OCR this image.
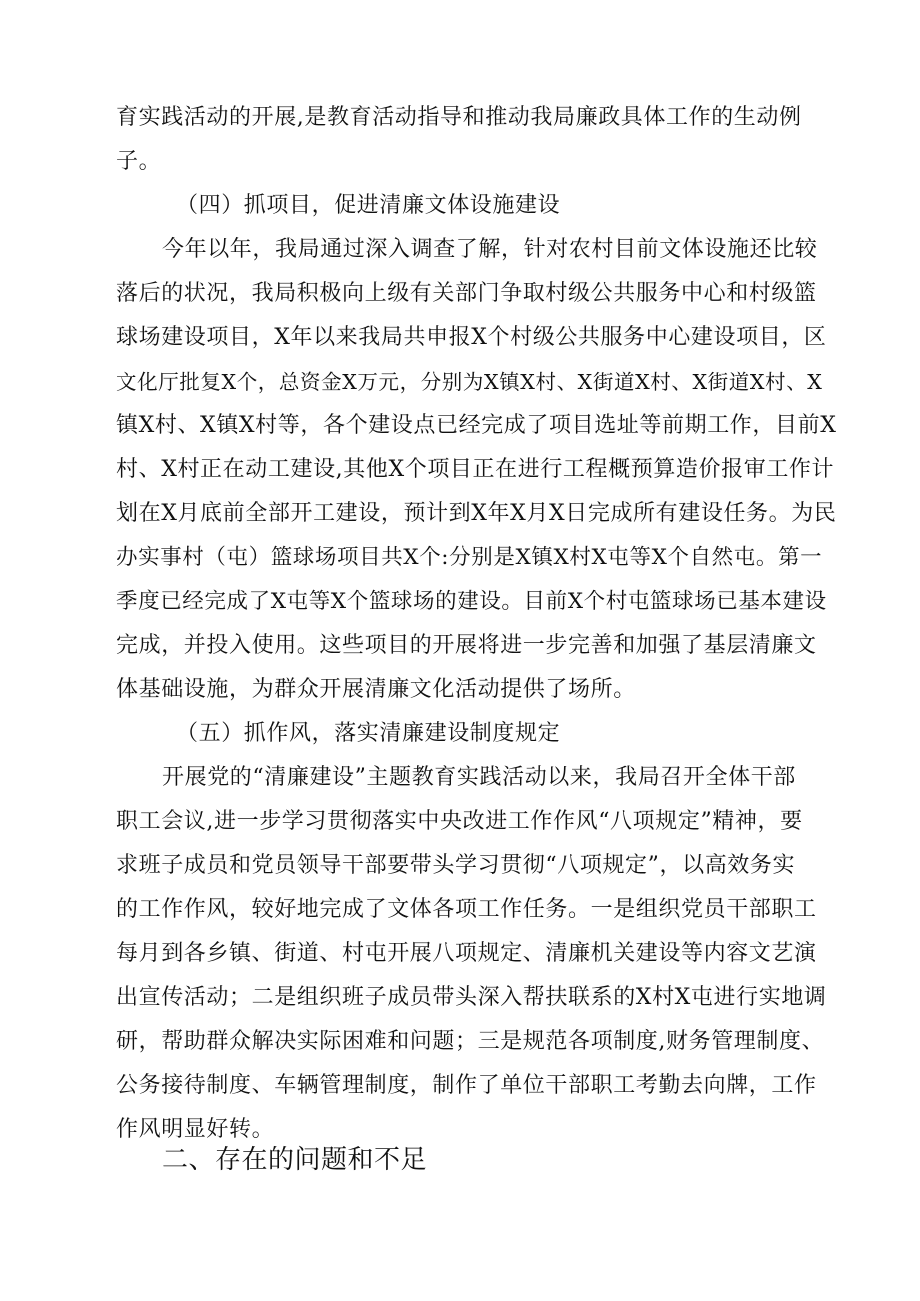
育实践活动的开展,是教育活动指导和推动我局廉政具体工作的生动例
子。
（四）抓项目，促进清廉文体设施建设
今年以年，我局通过深入调查了解，针对农村目前文体设施还比较
落后的状况，我局积极向上级有关部门争取村级公共服务中心和村级篮
球场建设项目，X年以来我局共申报X个村级公共服务中心建设项目，区
文化厅批复X个，总资金X万元，分别为X镇X村、X街道X村、X街道X村、X
镇X村、X镇X村等，各个建设点已经完成了项目选址等前期工作，目前X
村、X村正在动工建设,其他X个项目正在进行工程概预算造价报审工作计
划在X月底前全部开工建设，预计到X年X月X日完成所有建设任务。为民
办实事村（屯）篮球场项目共X个:分别是X镇X村X屯等X个自然屯。第一
季度已经完成了X屯等X个篮球场的建设。目前X个村屯篮球场已基本建设
完成，并投入使用。这些项目的开展将进一步完善和加强了基层清廉文
体基础设施，为群众开展清廉文化活动提供了场所。
（五）抓作风，落实清廉建设制度规定
开展党的“清廉建设”主题教育实践活动以来，我局召开全体干部
职工会议,进一步学习贯彻落实中央改进工作作风“八项规定”精神，要
求班子成员和党员领导干部要带头学习贯彻“八项规定”，以高效务实
的工作作风，较好地完成了文体各项工作任务。一是组织党员干部职工
每月到各乡镇、街道、村屯开展八项规定、清廉机关建设等内容文艺演
出宣传活动；二是组织班子成员带头深入帮扶联系的X村X屯进行实地调
研，帮助群众解决实际困难和问题；三是规范各项制度,财务管理制度、
公务接待制度、车辆管理制度，制作了单位干部职工考勤去向牌，工作
作风明显好转。
二、存在的问题和不足
